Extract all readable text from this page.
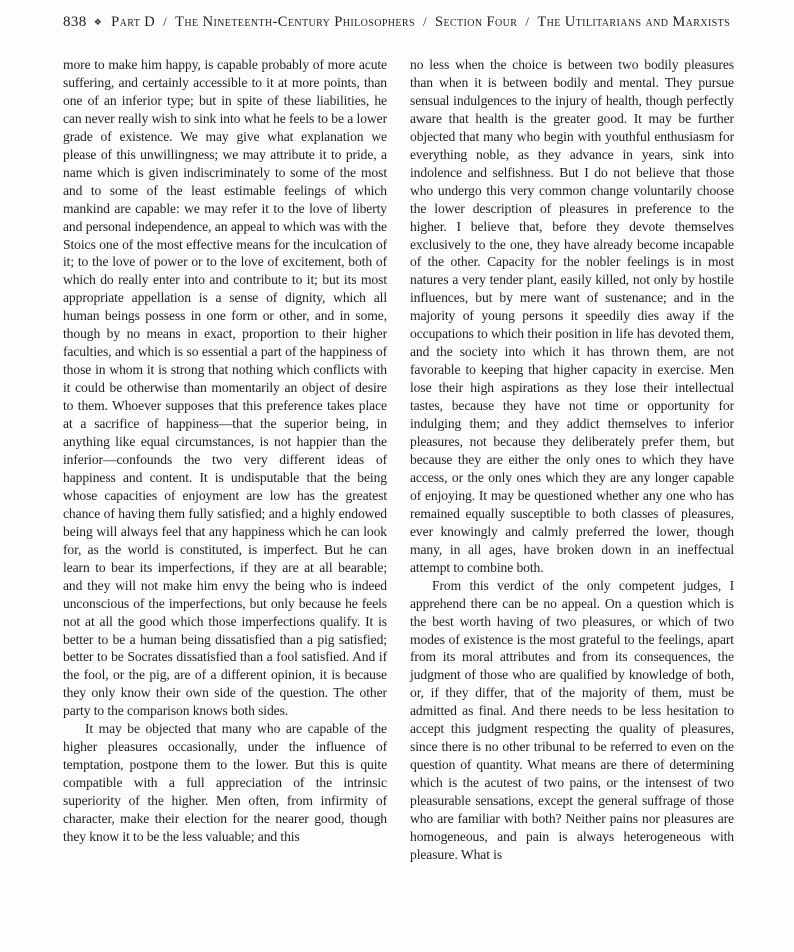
838 ❖ Part D / The Nineteenth-Century Philosophers / Section Four / The Utilitarians and Marxists

more to make him happy, is capable probably of more acute suffering, and certainly accessible to it at more points, than one of an inferior type; but in spite of these liabilities, he can never really wish to sink into what he feels to be a lower grade of existence. We may give what explanation we please of this unwillingness; we may attribute it to pride, a name which is given indiscriminately to some of the most and to some of the least estimable feelings of which mankind are capable: we may refer it to the love of liberty and personal independence, an appeal to which was with the Stoics one of the most effective means for the inculcation of it; to the love of power or to the love of excitement, both of which do really enter into and contribute to it; but its most appropriate appellation is a sense of dignity, which all human beings possess in one form or other, and in some, though by no means in exact, proportion to their higher faculties, and which is so essential a part of the happiness of those in whom it is strong that nothing which conflicts with it could be otherwise than momentarily an object of desire to them. Whoever supposes that this preference takes place at a sacrifice of happiness—that the superior being, in anything like equal circumstances, is not happier than the inferior—confounds the two very different ideas of happiness and content. It is undisputable that the being whose capacities of enjoyment are low has the greatest chance of having them fully satisfied; and a highly endowed being will always feel that any happiness which he can look for, as the world is constituted, is imperfect. But he can learn to bear its imperfections, if they are at all bearable; and they will not make him envy the being who is indeed unconscious of the imperfections, but only because he feels not at all the good which those imperfections qualify. It is better to be a human being dissatisfied than a pig satisfied; better to be Socrates dissatisfied than a fool satisfied. And if the fool, or the pig, are of a different opinion, it is because they only know their own side of the question. The other party to the comparison knows both sides.

It may be objected that many who are capable of the higher pleasures occasionally, under the influence of temptation, postpone them to the lower. But this is quite compatible with a full appreciation of the intrinsic superiority of the higher. Men often, from infirmity of character, make their election for the nearer good, though they know it to be the less valuable; and this

no less when the choice is between two bodily pleasures than when it is between bodily and mental. They pursue sensual indulgences to the injury of health, though perfectly aware that health is the greater good. It may be further objected that many who begin with youthful enthusiasm for everything noble, as they advance in years, sink into indolence and selfishness. But I do not believe that those who undergo this very common change voluntarily choose the lower description of pleasures in preference to the higher. I believe that, before they devote themselves exclusively to the one, they have already become incapable of the other. Capacity for the nobler feelings is in most natures a very tender plant, easily killed, not only by hostile influences, but by mere want of sustenance; and in the majority of young persons it speedily dies away if the occupations to which their position in life has devoted them, and the society into which it has thrown them, are not favorable to keeping that higher capacity in exercise. Men lose their high aspirations as they lose their intellectual tastes, because they have not time or opportunity for indulging them; and they addict themselves to inferior pleasures, not because they deliberately prefer them, but because they are either the only ones to which they have access, or the only ones which they are any longer capable of enjoying. It may be questioned whether any one who has remained equally susceptible to both classes of pleasures, ever knowingly and calmly preferred the lower, though many, in all ages, have broken down in an ineffectual attempt to combine both.

From this verdict of the only competent judges, I apprehend there can be no appeal. On a question which is the best worth having of two pleasures, or which of two modes of existence is the most grateful to the feelings, apart from its moral attributes and from its consequences, the judgment of those who are qualified by knowledge of both, or, if they differ, that of the majority of them, must be admitted as final. And there needs to be less hesitation to accept this judgment respecting the quality of pleasures, since there is no other tribunal to be referred to even on the question of quantity. What means are there of determining which is the acutest of two pains, or the intensest of two pleasurable sensations, except the general suffrage of those who are familiar with both? Neither pains nor pleasures are homogeneous, and pain is always heterogeneous with pleasure. What is
